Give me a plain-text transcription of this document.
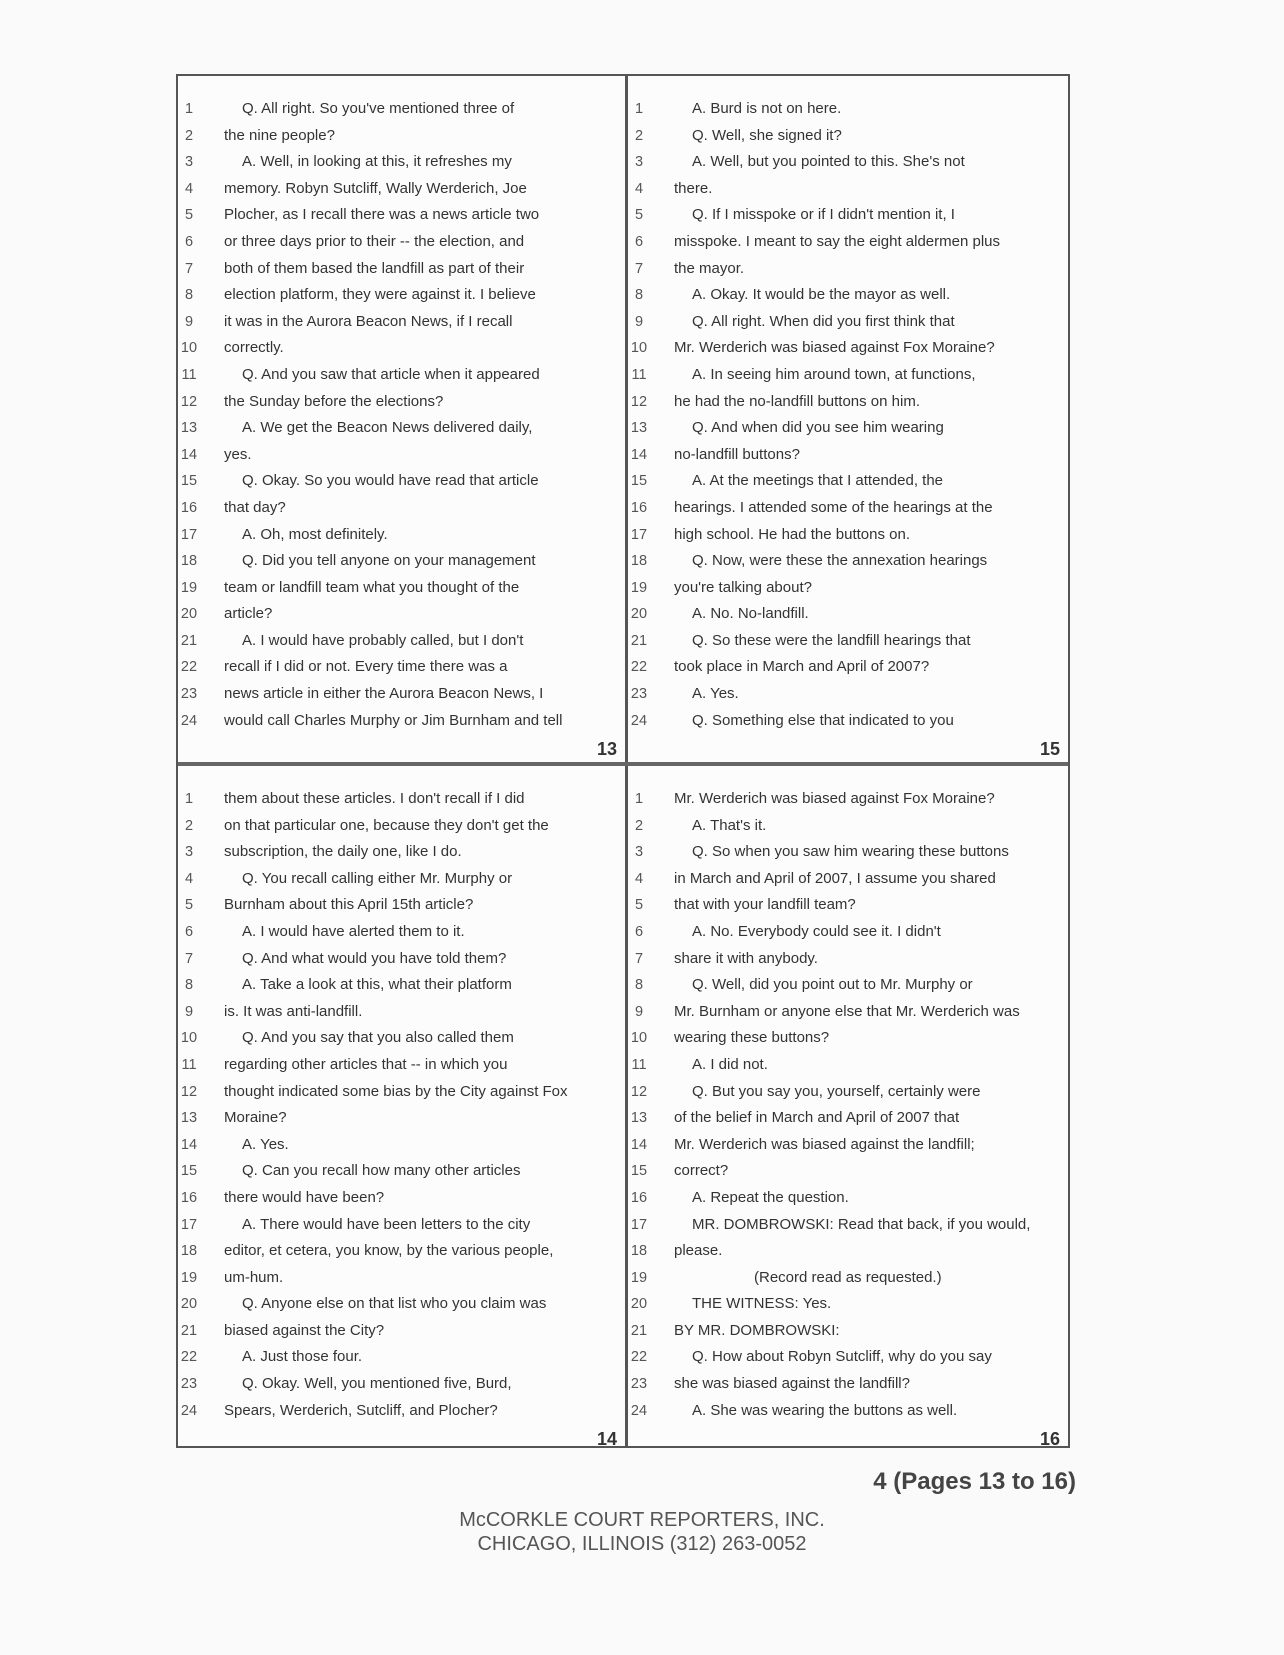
1	Q. All right. So you've mentioned three of
2	the nine people?
3	A. Well, in looking at this, it refreshes my
4	memory. Robyn Sutcliff, Wally Werderich, Joe
5	Plocher, as I recall there was a news article two
6	or three days prior to their -- the election, and
7	both of them based the landfill as part of their
8	election platform, they were against it. I believe
9	it was in the Aurora Beacon News, if I recall
10 correctly.
11	Q. And you saw that article when it appeared
12 the Sunday before the elections?
13	A. We get the Beacon News delivered daily,
14 yes.
15	Q. Okay. So you would have read that article
16 that day?
17	A. Oh, most definitely.
18	Q. Did you tell anyone on your management
19 team or landfill team what you thought of the
20 article?
21	A. I would have probably called, but I don't
22 recall if I did or not. Every time there was a
23 news article in either the Aurora Beacon News, I
24 would call Charles Murphy or Jim Burnham and tell
13
1	A. Burd is not on here.
2	Q. Well, she signed it?
3	A. Well, but you pointed to this. She's not
4	there.
5	Q. If I misspoke or if I didn't mention it, I
6	misspoke. I meant to say the eight aldermen plus
7	the mayor.
8	A. Okay. It would be the mayor as well.
9	Q. All right. When did you first think that
10 Mr. Werderich was biased against Fox Moraine?
11	A. In seeing him around town, at functions,
12 he had the no-landfill buttons on him.
13	Q. And when did you see him wearing
14 no-landfill buttons?
15	A. At the meetings that I attended, the
16 hearings. I attended some of the hearings at the
17 high school. He had the buttons on.
18	Q. Now, were these the annexation hearings
19 you're talking about?
20	A. No. No-landfill.
21	Q. So these were the landfill hearings that
22 took place in March and April of 2007?
23	A. Yes.
24	Q. Something else that indicated to you
15
1	them about these articles. I don't recall if I did
2	on that particular one, because they don't get the
3	subscription, the daily one, like I do.
4	Q. You recall calling either Mr. Murphy or
5	Burnham about this April 15th article?
6	A. I would have alerted them to it.
7	Q. And what would you have told them?
8	A. Take a look at this, what their platform
9	is. It was anti-landfill.
10	Q. And you say that you also called them
11 regarding other articles that -- in which you
12 thought indicated some bias by the City against Fox
13 Moraine?
14	A. Yes.
15	Q. Can you recall how many other articles
16 there would have been?
17	A. There would have been letters to the city
18 editor, et cetera, you know, by the various people,
19 um-hum.
20	Q. Anyone else on that list who you claim was
21 biased against the City?
22	A. Just those four.
23	Q. Okay. Well, you mentioned five, Burd,
24 Spears, Werderich, Sutcliff, and Plocher?
14
1	Mr. Werderich was biased against Fox Moraine?
2	A. That's it.
3	Q. So when you saw him wearing these buttons
4	in March and April of 2007, I assume you shared
5	that with your landfill team?
6	A. No. Everybody could see it. I didn't
7	share it with anybody.
8	Q. Well, did you point out to Mr. Murphy or
9	Mr. Burnham or anyone else that Mr. Werderich was
10 wearing these buttons?
11	A. I did not.
12	Q. But you say you, yourself, certainly were
13 of the belief in March and April of 2007 that
14 Mr. Werderich was biased against the landfill;
15 correct?
16	A. Repeat the question.
17	MR. DOMBROWSKI: Read that back, if you would,
18 please.
19	(Record read as requested.)
20	THE WITNESS: Yes.
21 BY MR. DOMBROWSKI:
22	Q. How about Robyn Sutcliff, why do you say
23 she was biased against the landfill?
24	A. She was wearing the buttons as well.
16
4 (Pages 13 to 16)
McCORKLE COURT REPORTERS, INC.
CHICAGO, ILLINOIS (312) 263-0052
